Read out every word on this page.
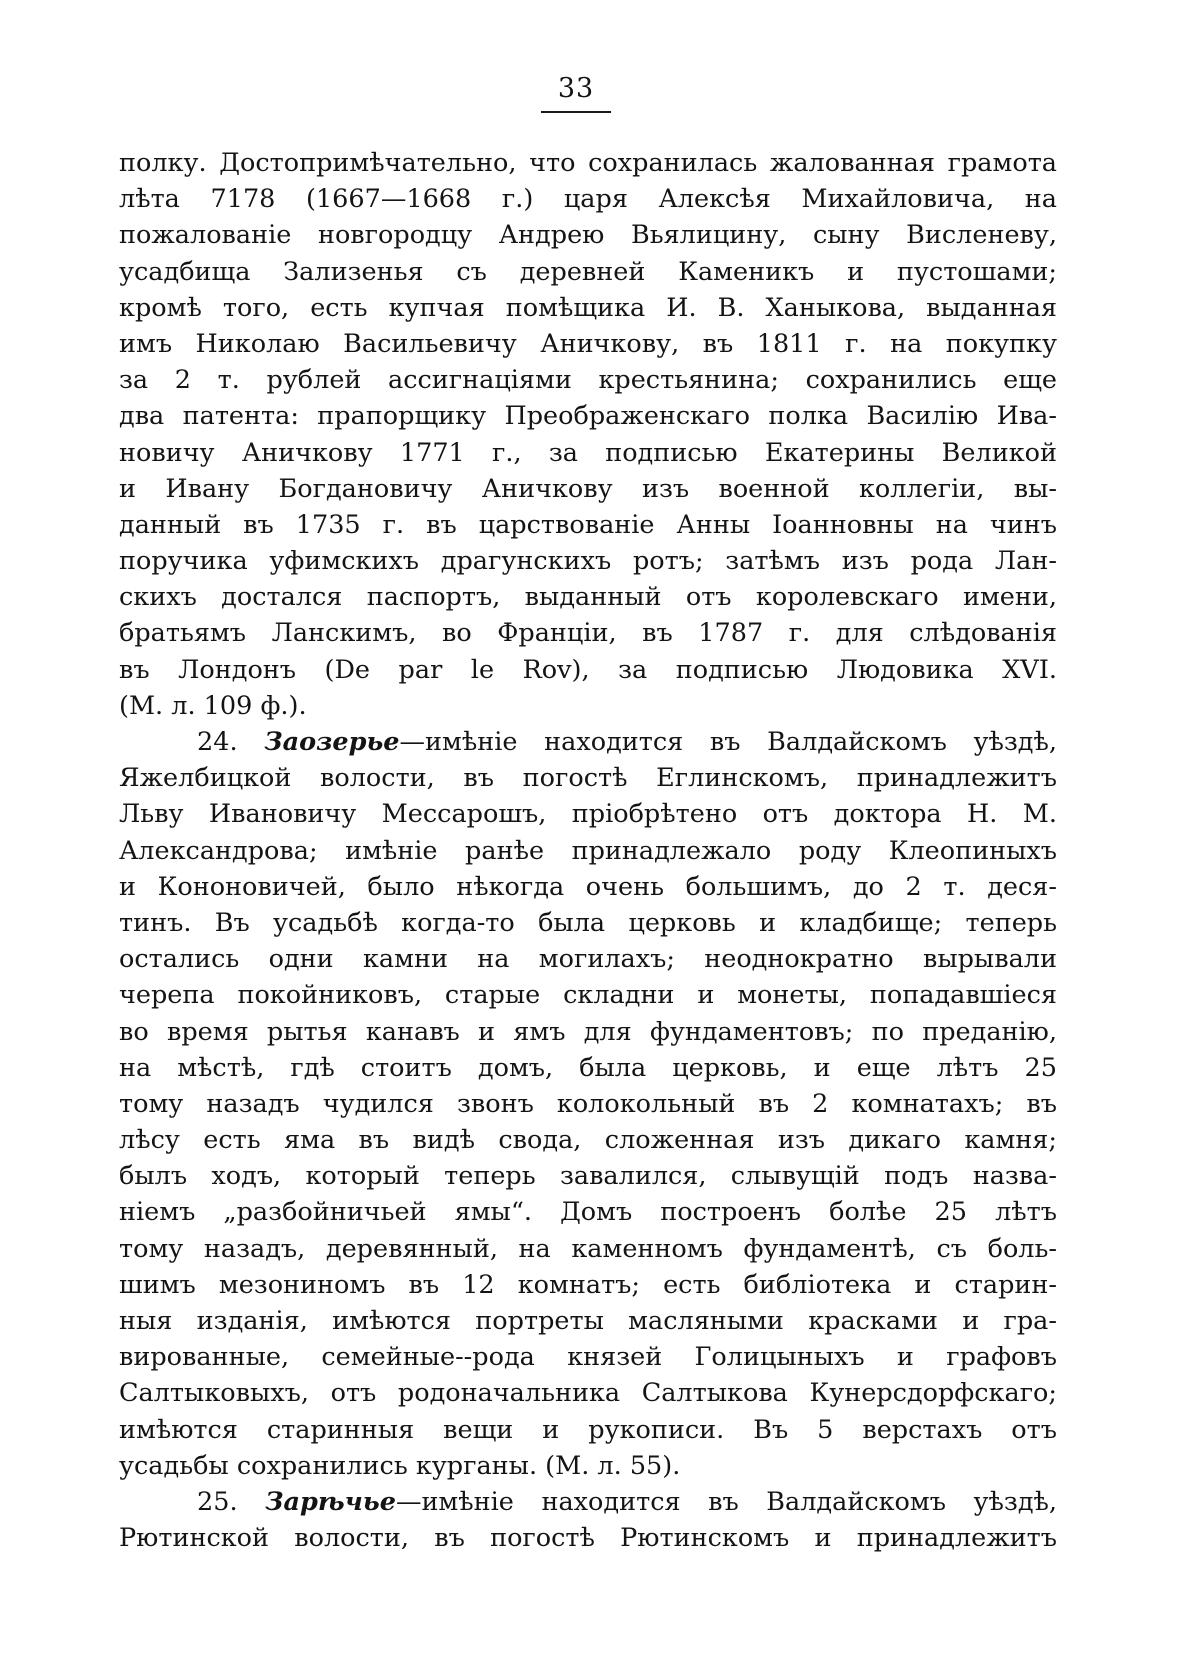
33
полку. Достопримѣчательно, что сохранилась жалованная грамота
лѣта 7178 (1667—1668 г.) царя Алексѣя Михайловича, на
пожалованіе новгородцу Андрею Вьялицину, сыну Висленеву,
усадбища Зализенья съ деревней Каменикъ и пустошами;
кромѣ того, есть купчая помѣщика И. В. Ханыкова, выданная
имъ Николаю Васильевичу Аничкову, въ 1811 г. на покупку
за 2 т. рублей ассигнаціями крестьянина; сохранились еще
два патента: прапорщику Преображенскаго полка Василію Ива-
новичу Аничкову 1771 г., за подписью Екатерины Великой
и Ивану Богдановичу Аничкову изъ военной коллегіи, вы-
данный въ 1735 г. въ царствованіе Анны Іоанновны на чинъ
поручика уфимскихъ драгунскихъ ротъ; затѣмъ изъ рода Лан-
скихъ достался паспортъ, выданный отъ королевскаго имени,
братьямъ Ланскимъ, во Франціи, въ 1787 г. для слѣдованія
въ Лондонъ (De par le Rov), за подписью Людовика XVI.
(М. л. 109 ф.).
24. Заозерье—имѣніе находится въ Валдайскомъ уѣздѣ,
Яжелбицкой волости, въ погостѣ Еглинскомъ, принадлежитъ
Льву Ивановичу Мессарошъ, пріобрѣтено отъ доктора Н. М.
Александрова; имѣніе ранѣе принадлежало роду Клеопиныхъ
и Кононовичей, было нѣкогда очень большимъ, до 2 т. деся-
тинъ. Въ усадьбѣ когда-то была церковь и кладбище; теперь
остались одни камни на могилахъ; неоднократно вырывали
черепа покойниковъ, старые складни и монеты, попадавшіеся
во время рытья канавъ и ямъ для фундаментовъ; по преданію,
на мѣстѣ, гдѣ стоитъ домъ, была церковь, и еще лѣтъ 25
тому назадъ чудился звонъ колокольный въ 2 комнатахъ; въ
лѣсу есть яма въ видѣ свода, сложенная изъ дикаго камня;
былъ ходъ, который теперь завалился, слывущій подъ назва-
ніемъ „разбойничьей ямы“. Домъ построенъ болѣе 25 лѣтъ
тому назадъ, деревянный, на каменномъ фундаментѣ, съ боль-
шимъ мезониномъ въ 12 комнатъ; есть библіотека и старин-
ныя изданія, имѣются портреты масляными красками и гра-
вированные, семейные--рода князей Голицыныхъ и графовъ
Салтыковыхъ, отъ родоначальника Салтыкова Кунерсдорфскаго;
имѣются старинныя вещи и рукописи. Въ 5 верстахъ отъ
усадьбы сохранились курганы. (М. л. 55).
25. Зарѣчье—имѣніе находится въ Валдайскомъ уѣздѣ,
Рютинской волости, въ погостѣ Рютинскомъ и принадлежитъ
